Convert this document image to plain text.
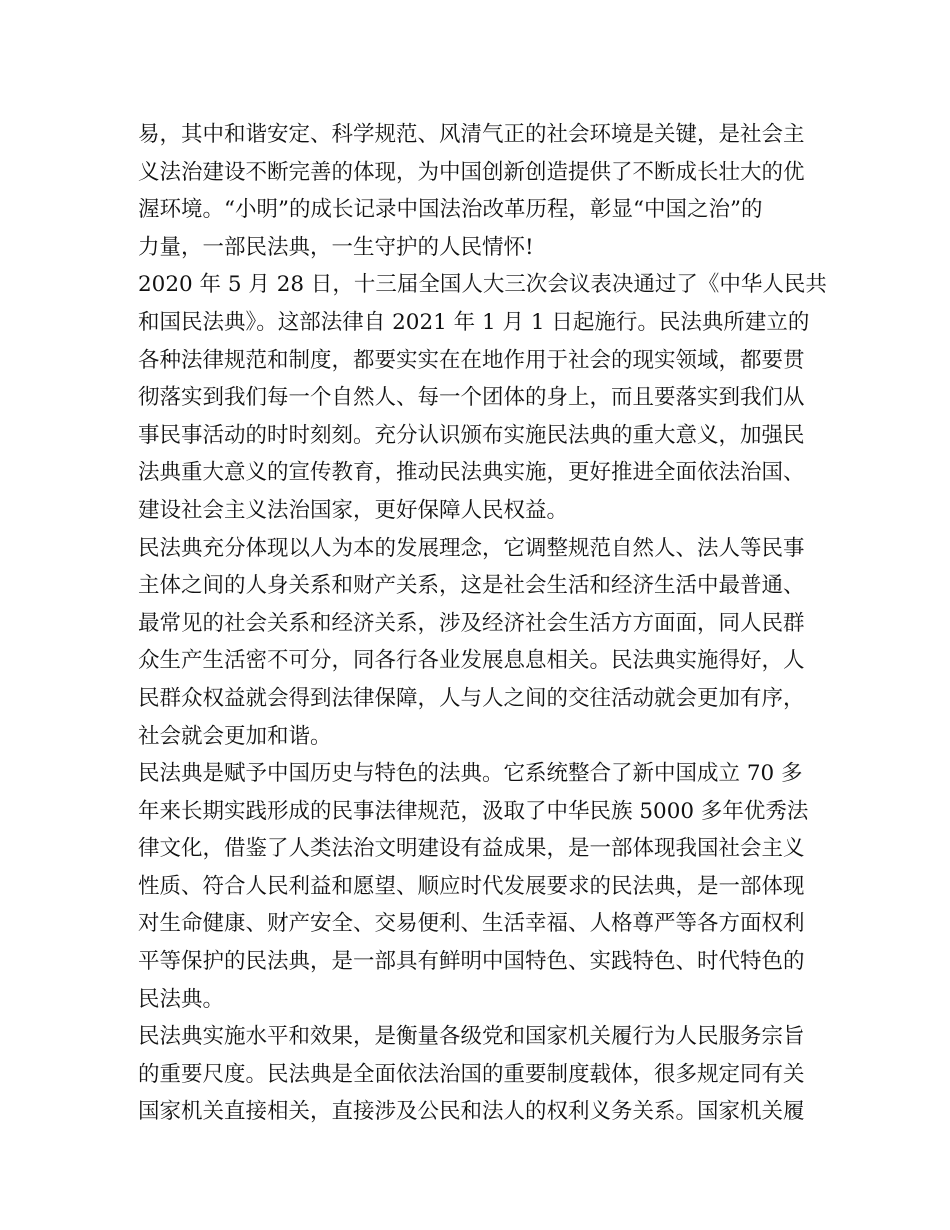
易，其中和谐安定、科学规范、风清气正的社会环境是关键，是社会主
义法治建设不断完善的体现，为中国创新创造提供了不断成长壮大的优
渥环境。“小明”的成长记录中国法治改革历程，彰显“中国之治”的
力量，一部民法典，一生守护的人民情怀!
2020 年 5 月 28 日，十三届全国人大三次会议表决通过了《中华人民共
和国民法典》。这部法律自 2021 年 1 月 1 日起施行。民法典所建立的
各种法律规范和制度，都要实实在在地作用于社会的现实领域，都要贯
彻落实到我们每一个自然人、每一个团体的身上，而且要落实到我们从
事民事活动的时时刻刻。充分认识颁布实施民法典的重大意义，加强民
法典重大意义的宣传教育，推动民法典实施，更好推进全面依法治国、
建设社会主义法治国家，更好保障人民权益。
民法典充分体现以人为本的发展理念，它调整规范自然人、法人等民事
主体之间的人身关系和财产关系，这是社会生活和经济生活中最普通、
最常见的社会关系和经济关系，涉及经济社会生活方方面面，同人民群
众生产生活密不可分，同各行各业发展息息相关。民法典实施得好，人
民群众权益就会得到法律保障，人与人之间的交往活动就会更加有序，
社会就会更加和谐。
民法典是赋予中国历史与特色的法典。它系统整合了新中国成立 70 多
年来长期实践形成的民事法律规范，汲取了中华民族 5000 多年优秀法
律文化，借鉴了人类法治文明建设有益成果，是一部体现我国社会主义
性质、符合人民利益和愿望、顺应时代发展要求的民法典，是一部体现
对生命健康、财产安全、交易便利、生活幸福、人格尊严等各方面权利
平等保护的民法典，是一部具有鲜明中国特色、实践特色、时代特色的
民法典。
民法典实施水平和效果，是衡量各级党和国家机关履行为人民服务宗旨
的重要尺度。民法典是全面依法治国的重要制度载体，很多规定同有关
国家机关直接相关，直接涉及公民和法人的权利义务关系。国家机关履
